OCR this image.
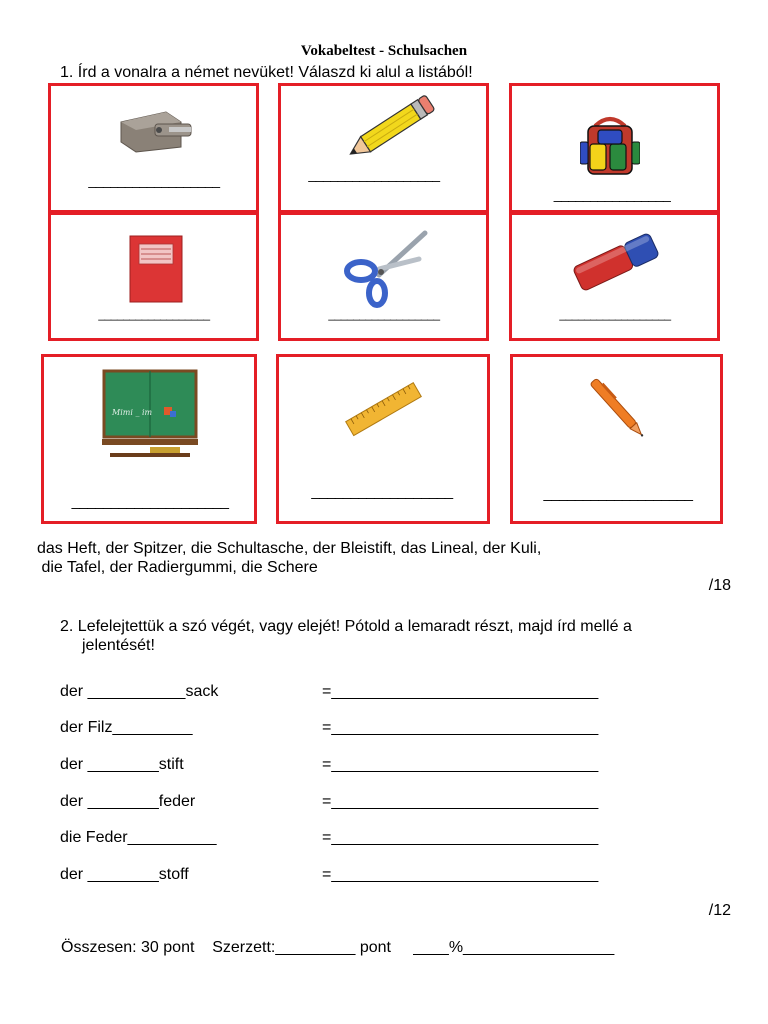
Vokabeltest - Schulsachen
1. Írd a vonalra a német nevüket! Válaszd ki alul a listából!
__________________	__________________
________________
__________________	__________________	__________________
Mimi _ im
____________________
__________________	___________________
das Heft, der Spitzer, die Schultasche, der Bleistift, das Lineal, der Kuli,
die Tafel, der Radiergummi, die Schere
/18
2. Lefelejtettük a szó végét, vagy elejét! Pótold a lemaradt részt, majd írd mellé a
jelentését!
der ___________sack	=______________________________
der Filz_________	=______________________________
der ________stift	=______________________________
der ________feder	=______________________________
die Feder__________	=______________________________
der ________stoff	=______________________________
/12
Összesen: 30 pont    Szerzett:_________ pont     ____%_________________
